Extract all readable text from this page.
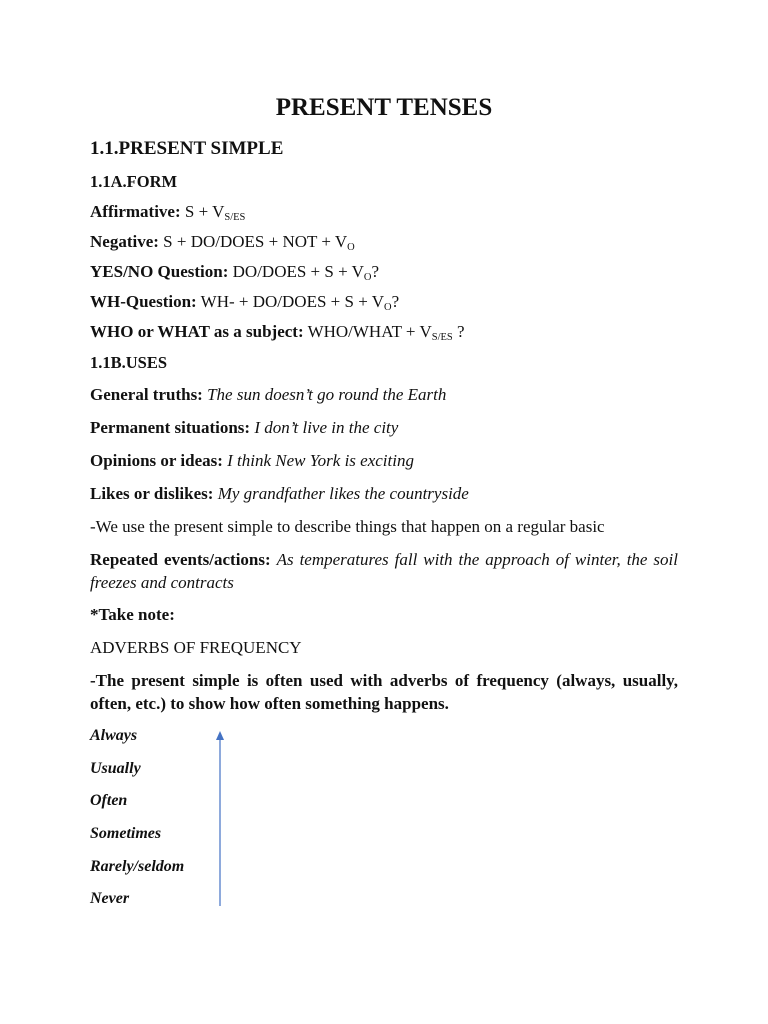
PRESENT TENSES
1.1.PRESENT SIMPLE
1.1A.FORM
Affirmative: $S + V_{S/ES}$
Negative: S + DO/DOES + NOT + $V_O$
YES/NO Question: DO/DOES + $S + V_O$?
WH-Question: WH- + DO/DOES + $S + V_O$?
WHO or WHAT as a subject: WHO/WHAT + $V_{S/ES}$ ?
1.1B.USES
General truths: The sun doesn’t go round the Earth
Permanent situations: I don’t live in the city
Opinions or ideas: I think New York is exciting
Likes or dislikes: My grandfather likes the countryside
-We use the present simple to describe things that happen on a regular basic
Repeated events/actions: As temperatures fall with the approach of winter, the soil freezes and contracts
*Take note:
ADVERBS OF FREQUENCY
-The present simple is often used with adverbs of frequency (always, usually, often, etc.) to show how often something happens.
Always
Usually
Often
Sometimes
Rarely/seldom
Never
